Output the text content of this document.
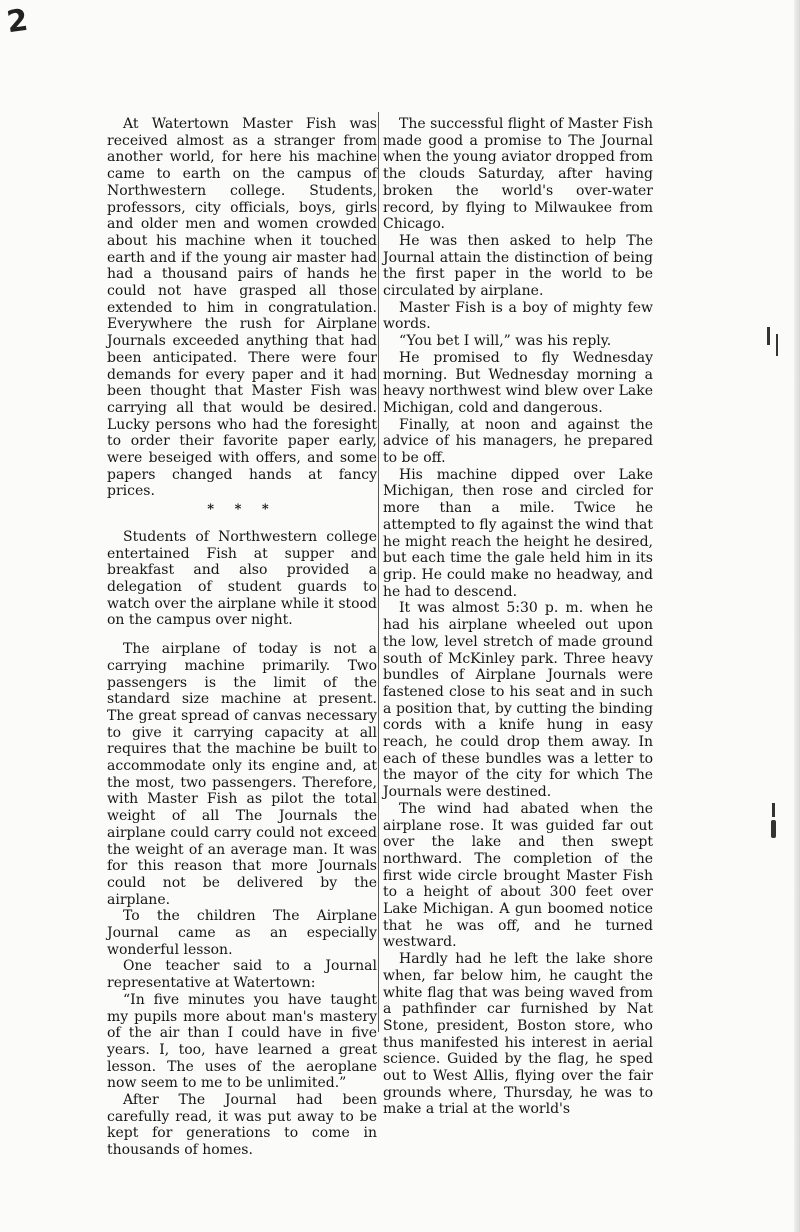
2

At Watertown Master Fish was received almost as a stranger from another world, for here his machine came to earth on the campus of Northwestern college. Students, professors, city officials, boys, girls and older men and women crowded about his machine when it touched earth and if the young air master had had a thousand pairs of hands he could not have grasped all those extended to him in congratulation. Everywhere the rush for Airplane Journals exceeded anything that had been anticipated. There were four demands for every paper and it had been thought that Master Fish was carrying all that would be desired. Lucky persons who had the foresight to order their favorite paper early, were beseiged with offers, and some papers changed hands at fancy prices.

* * *

Students of Northwestern college entertained Fish at supper and breakfast and also provided a delegation of student guards to watch over the airplane while it stood on the campus over night.

The airplane of today is not a carrying machine primarily. Two passengers is the limit of the standard size machine at present. The great spread of canvas necessary to give it carrying capacity at all requires that the machine be built to accommodate only its engine and, at the most, two passengers. Therefore, with Master Fish as pilot the total weight of all The Journals the airplane could carry could not exceed the weight of an average man. It was for this reason that more Journals could not be delivered by the airplane.

To the children The Airplane Journal came as an especially wonderful lesson.

One teacher said to a Journal representative at Watertown:

“In five minutes you have taught my pupils more about man's mastery of the air than I could have in five years. I, too, have learned a great lesson. The uses of the aeroplane now seem to me to be unlimited.”

After The Journal had been carefully read, it was put away to be kept for generations to come in thousands of homes.

The successful flight of Master Fish made good a promise to The Journal when the young aviator dropped from the clouds Saturday, after having broken the world's over-water record, by flying to Milwaukee from Chicago.

He was then asked to help The Journal attain the distinction of being the first paper in the world to be circulated by airplane.

Master Fish is a boy of mighty few words.

“You bet I will,” was his reply.

He promised to fly Wednesday morning. But Wednesday morning a heavy northwest wind blew over Lake Michigan, cold and dangerous.

Finally, at noon and against the advice of his managers, he prepared to be off.

His machine dipped over Lake Michigan, then rose and circled for more than a mile. Twice he attempted to fly against the wind that he might reach the height he desired, but each time the gale held him in its grip. He could make no headway, and he had to descend.

It was almost 5:30 p. m. when he had his airplane wheeled out upon the low, level stretch of made ground south of McKinley park. Three heavy bundles of Airplane Journals were fastened close to his seat and in such a position that, by cutting the binding cords with a knife hung in easy reach, he could drop them away. In each of these bundles was a letter to the mayor of the city for which The Journals were destined.

The wind had abated when the airplane rose. It was guided far out over the lake and then swept northward. The completion of the first wide circle brought Master Fish to a height of about 300 feet over Lake Michigan. A gun boomed notice that he was off, and he turned westward.

Hardly had he left the lake shore when, far below him, he caught the white flag that was being waved from a pathfinder car furnished by Nat Stone, president, Boston store, who thus manifested his interest in aerial science. Guided by the flag, he sped out to West Allis, flying over the fair grounds where, Thursday, he was to make a trial at the world's
